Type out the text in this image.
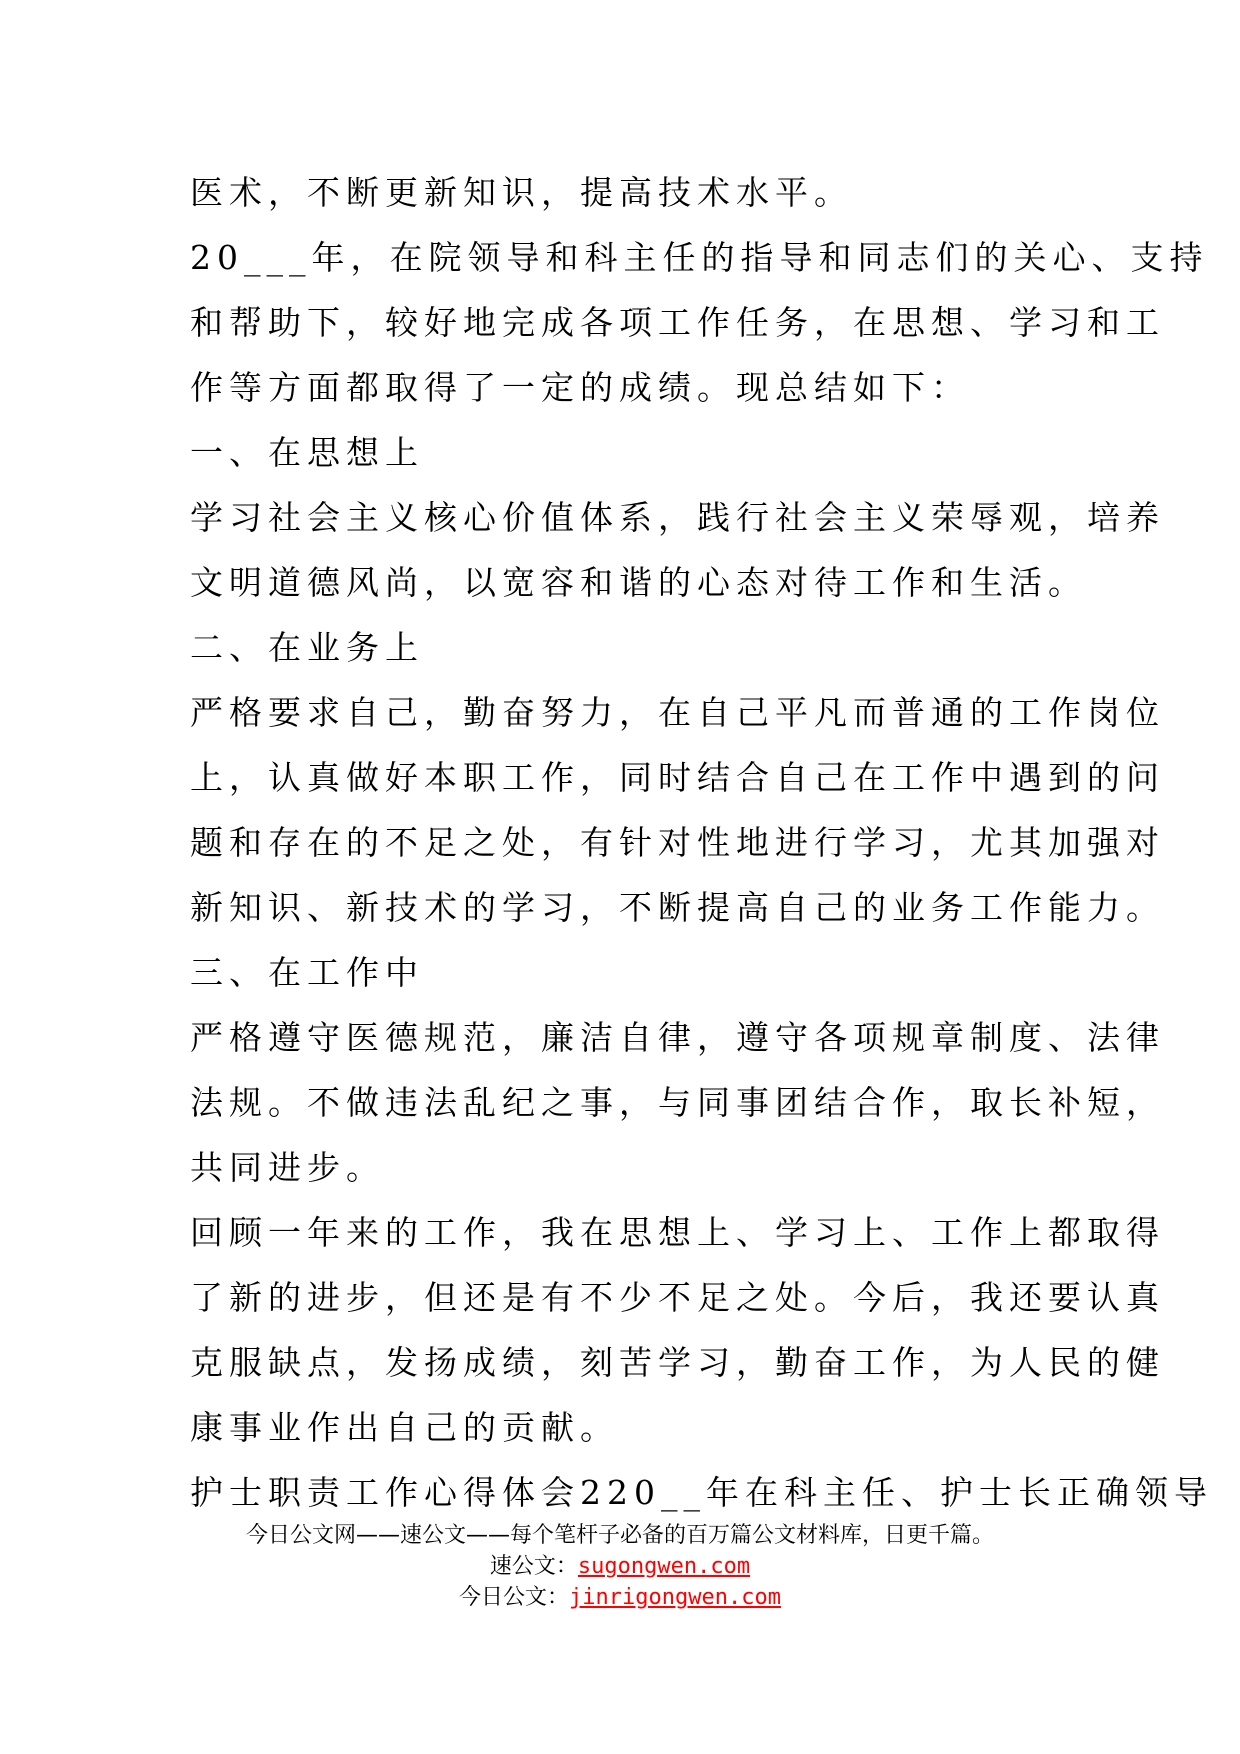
医术，不断更新知识，提高技术水平。
20___年，在院领导和科主任的指导和同志们的关心、支持
和帮助下，较好地完成各项工作任务，在思想、学习和工
作等方面都取得了一定的成绩。现总结如下：
一、在思想上
学习社会主义核心价值体系，践行社会主义荣辱观，培养
文明道德风尚，以宽容和谐的心态对待工作和生活。
二、在业务上
严格要求自己，勤奋努力，在自己平凡而普通的工作岗位
上，认真做好本职工作，同时结合自己在工作中遇到的问
题和存在的不足之处，有针对性地进行学习，尤其加强对
新知识、新技术的学习，不断提高自己的业务工作能力。
三、在工作中
严格遵守医德规范，廉洁自律，遵守各项规章制度、法律
法规。不做违法乱纪之事，与同事团结合作，取长补短，
共同进步。
回顾一年来的工作，我在思想上、学习上、工作上都取得
了新的进步，但还是有不少不足之处。今后，我还要认真
克服缺点，发扬成绩，刻苦学习，勤奋工作，为人民的健
康事业作出自己的贡献。
护士职责工作心得体会220__年在科主任、护士长正确领导
今日公文网——速公文——每个笔杆子必备的百万篇公文材料库，日更千篇。
速公文：sugongwen.com
今日公文：jinrigongwen.com
